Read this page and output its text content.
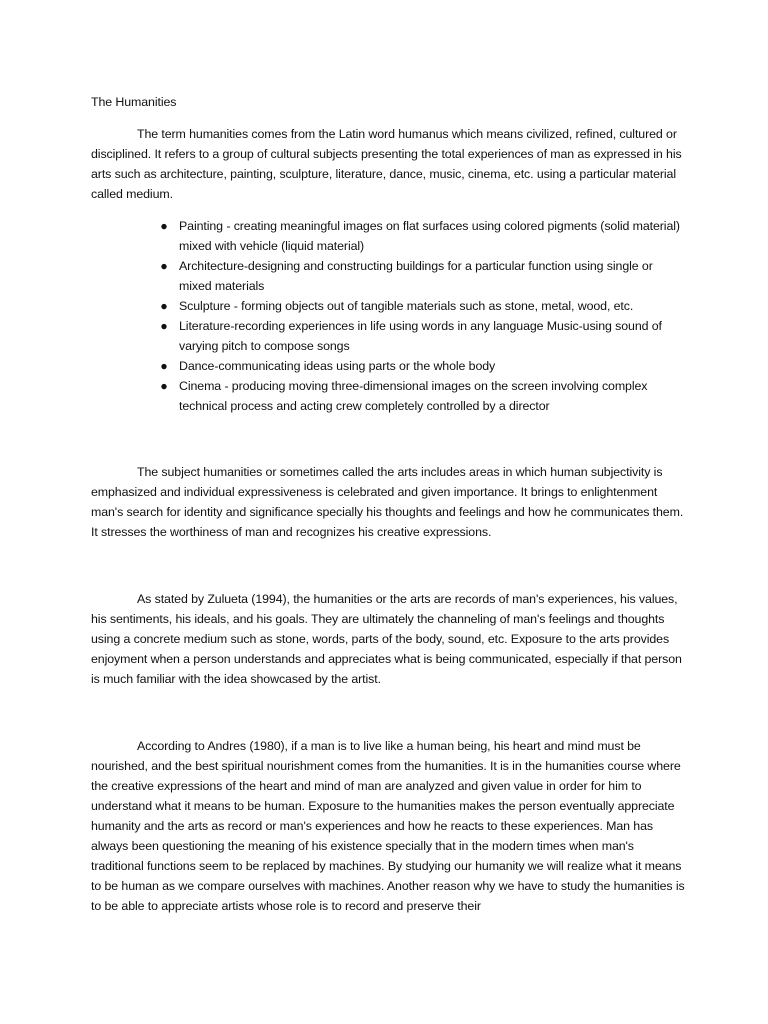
The Humanities

The term humanities comes from the Latin word humanus which means civilized, refined, cultured or disciplined. It refers to a group of cultural subjects presenting the total experiences of man as expressed in his arts such as architecture, painting, sculpture, literature, dance, music, cinema, etc. using a particular material called medium.

● Painting - creating meaningful images on flat surfaces using colored pigments (solid material) mixed with vehicle (liquid material)
● Architecture-designing and constructing buildings for a particular function using single or mixed materials
● Sculpture - forming objects out of tangible materials such as stone, metal, wood, etc.
● Literature-recording experiences in life using words in any language Music-using sound of varying pitch to compose songs
● Dance-communicating ideas using parts or the whole body
● Cinema - producing moving three-dimensional images on the screen involving complex technical process and acting crew completely controlled by a director

The subject humanities or sometimes called the arts includes areas in which human subjectivity is emphasized and individual expressiveness is celebrated and given importance. It brings to enlightenment man's search for identity and significance specially his thoughts and feelings and how he communicates them. It stresses the worthiness of man and recognizes his creative expressions.

As stated by Zulueta (1994), the humanities or the arts are records of man's experiences, his values, his sentiments, his ideals, and his goals. They are ultimately the channeling of man's feelings and thoughts using a concrete medium such as stone, words, parts of the body, sound, etc. Exposure to the arts provides enjoyment when a person understands and appreciates what is being communicated, especially if that person is much familiar with the idea showcased by the artist.

According to Andres (1980), if a man is to live like a human being, his heart and mind must be nourished, and the best spiritual nourishment comes from the humanities. It is in the humanities course where the creative expressions of the heart and mind of man are analyzed and given value in order for him to understand what it means to be human. Exposure to the humanities makes the person eventually appreciate humanity and the arts as record or man's experiences and how he reacts to these experiences. Man has always been questioning the meaning of his existence specially that in the modern times when man's traditional functions seem to be replaced by machines. By studying our humanity we will realize what it means to be human as we compare ourselves with machines. Another reason why we have to study the humanities is to be able to appreciate artists whose role is to record and preserve their
